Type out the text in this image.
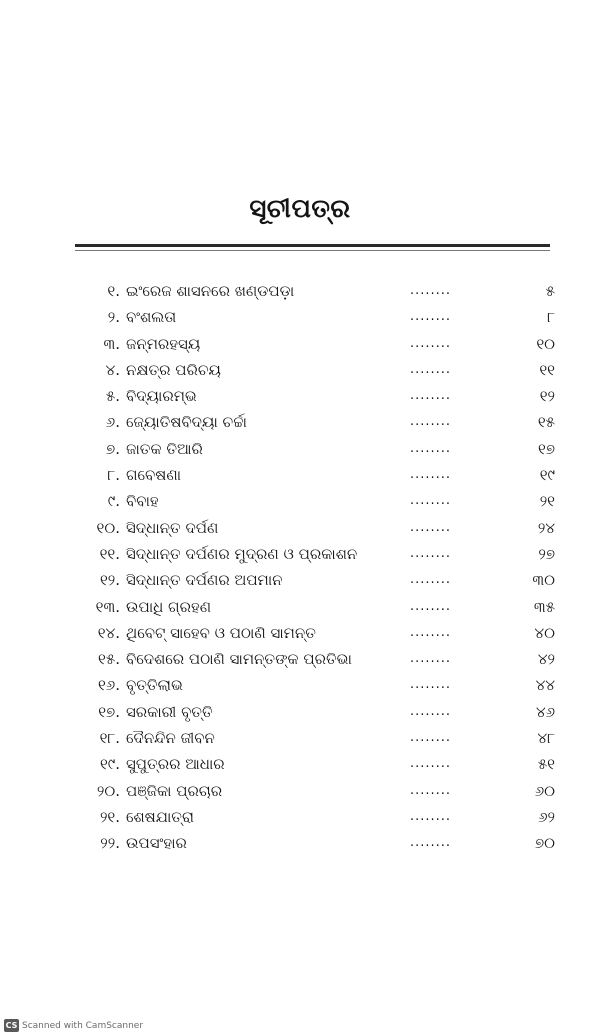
ସୂଚୀପତ୍ର
୧. ଇଂରେଜ ଶାସନରେ ଖଣ୍ଡପଡ଼ା	........	୫
୨. ବଂଶଲତା	........	୮
୩. ଜନ୍ମରହସ୍ୟ	........	୧୦
୪. ନକ୍ଷତ୍ର ପରିଚୟ	........	୧୧
୫. ବିଦ୍ୟାରମ୍ଭ	........	୧୨
୬. ଜ୍ୟୋତିଷବିଦ୍ୟା ଚର୍ଚ୍ଚା	........	୧୫
୭. ଜାତକ ତିଆରି	........	୧୭
୮. ଗବେଷଣା	........	୧୯
୯. ବିବାହ	........	୨୧
୧୦. ସିଦ୍ଧାନ୍ତ ଦର୍ପଣ	........	୨୪
୧୧. ସିଦ୍ଧାନ୍ତ ଦର୍ପଣର ମୁଦ୍ରଣ ଓ ପ୍ରକାଶନ	........	୨୭
୧୨. ସିଦ୍ଧାନ୍ତ ଦର୍ପଣର ଅପମାନ	........	୩୦
୧୩. ଉପାଧି ଗ୍ରହଣ	........	୩୫
୧୪. ଥିବେଟ୍ ସାହେବ ଓ ପଠାଣି ସାମନ୍ତ	........	୪୦
୧୫. ବିଦେଶରେ ପଠାଣି ସାମନ୍ତଙ୍କ ପ୍ରତିଭା	........	୪୨
୧୬. ବୃତ୍ତିଲାଭ	........	୪୪
୧୭. ସରକାରୀ ବୃତ୍ତି	........	୪୬
୧୮. ଦୈନନ୍ଦିନ ଜୀବନ	........	୪୮
୧୯. ସୁପୁତ୍ରର ଆଧାର	........	୫୧
୨୦. ପଞ୍ଜିକା ପ୍ରଚାର	........	୬୦
୨୧. ଶେଷଯାତ୍ରା	........	୬୨
୨୨. ଉପସଂହାର	........	୭୦
CS Scanned with CamScanner
